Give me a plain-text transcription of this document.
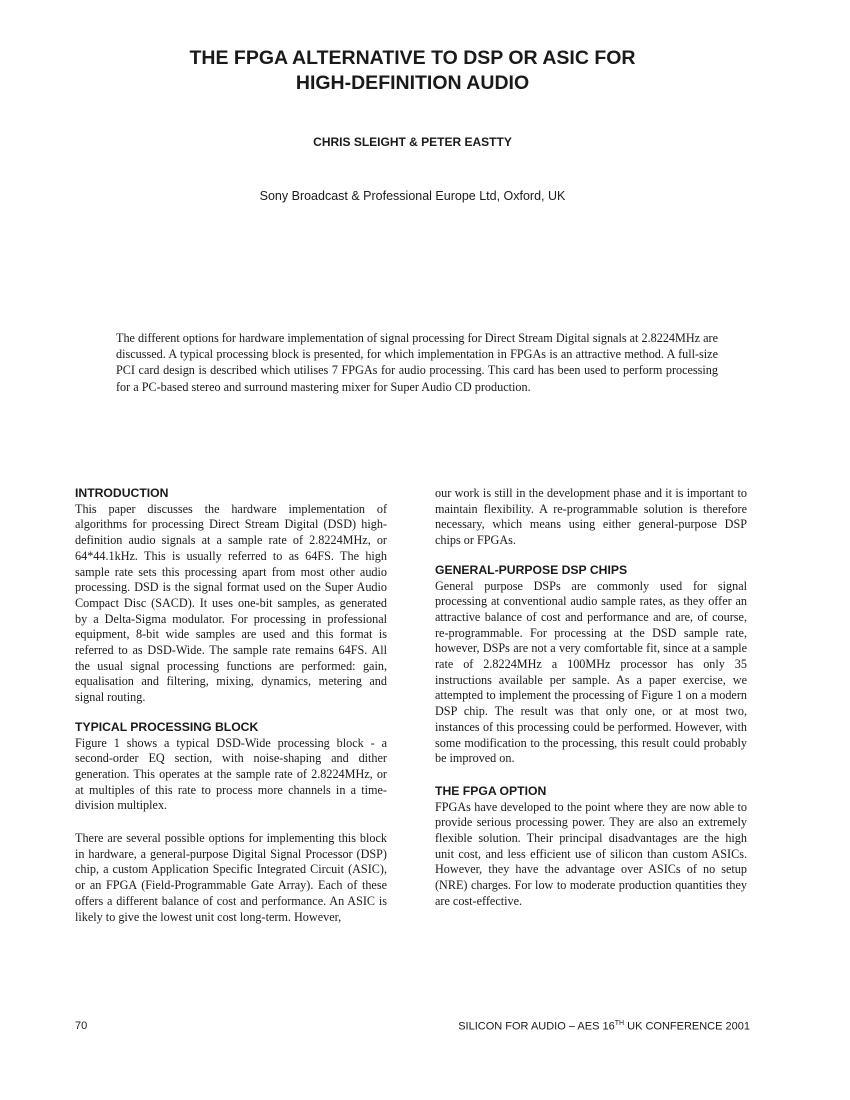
THE FPGA ALTERNATIVE TO DSP OR ASIC FOR
HIGH-DEFINITION AUDIO

CHRIS SLEIGHT & PETER EASTTY

Sony Broadcast & Professional Europe Ltd, Oxford, UK

The different options for hardware implementation of signal processing for Direct Stream Digital signals at 2.8224MHz are discussed. A typical processing block is presented, for which implementation in FPGAs is an attractive method. A full-size PCI card design is described which utilises 7 FPGAs for audio processing. This card has been used to perform processing for a PC-based stereo and surround mastering mixer for Super Audio CD production.

INTRODUCTION

This paper discusses the hardware implementation of algorithms for processing Direct Stream Digital (DSD) high-definition audio signals at a sample rate of 2.8224MHz, or 64*44.1kHz. This is usually referred to as 64FS. The high sample rate sets this processing apart from most other audio processing. DSD is the signal format used on the Super Audio Compact Disc (SACD). It uses one-bit samples, as generated by a Delta-Sigma modulator. For processing in professional equipment, 8-bit wide samples are used and this format is referred to as DSD-Wide. The sample rate remains 64FS. All the usual signal processing functions are performed: gain, equalisation and filtering, mixing, dynamics, metering and signal routing.

TYPICAL PROCESSING BLOCK

Figure 1 shows a typical DSD-Wide processing block - a second-order EQ section, with noise-shaping and dither generation. This operates at the sample rate of 2.8224MHz, or at multiples of this rate to process more channels in a time-division multiplex.

There are several possible options for implementing this block in hardware, a general-purpose Digital Signal Processor (DSP) chip, a custom Application Specific Integrated Circuit (ASIC), or an FPGA (Field-Programmable Gate Array). Each of these offers a different balance of cost and performance. An ASIC is likely to give the lowest unit cost long-term. However,

our work is still in the development phase and it is important to maintain flexibility. A re-programmable solution is therefore necessary, which means using either general-purpose DSP chips or FPGAs.

GENERAL-PURPOSE DSP CHIPS

General purpose DSPs are commonly used for signal processing at conventional audio sample rates, as they offer an attractive balance of cost and performance and are, of course, re-programmable. For processing at the DSD sample rate, however, DSPs are not a very comfortable fit, since at a sample rate of 2.8224MHz a 100MHz processor has only 35 instructions available per sample. As a paper exercise, we attempted to implement the processing of Figure 1 on a modern DSP chip. The result was that only one, or at most two, instances of this processing could be performed. However, with some modification to the processing, this result could probably be improved on.

THE FPGA OPTION

FPGAs have developed to the point where they are now able to provide serious processing power. They are also an extremely flexible solution. Their principal disadvantages are the high unit cost, and less efficient use of silicon than custom ASICs. However, they have the advantage over ASICs of no setup (NRE) charges. For low to moderate production quantities they are cost-effective.

70	SILICON FOR AUDIO – AES 16TH UK CONFERENCE 2001
